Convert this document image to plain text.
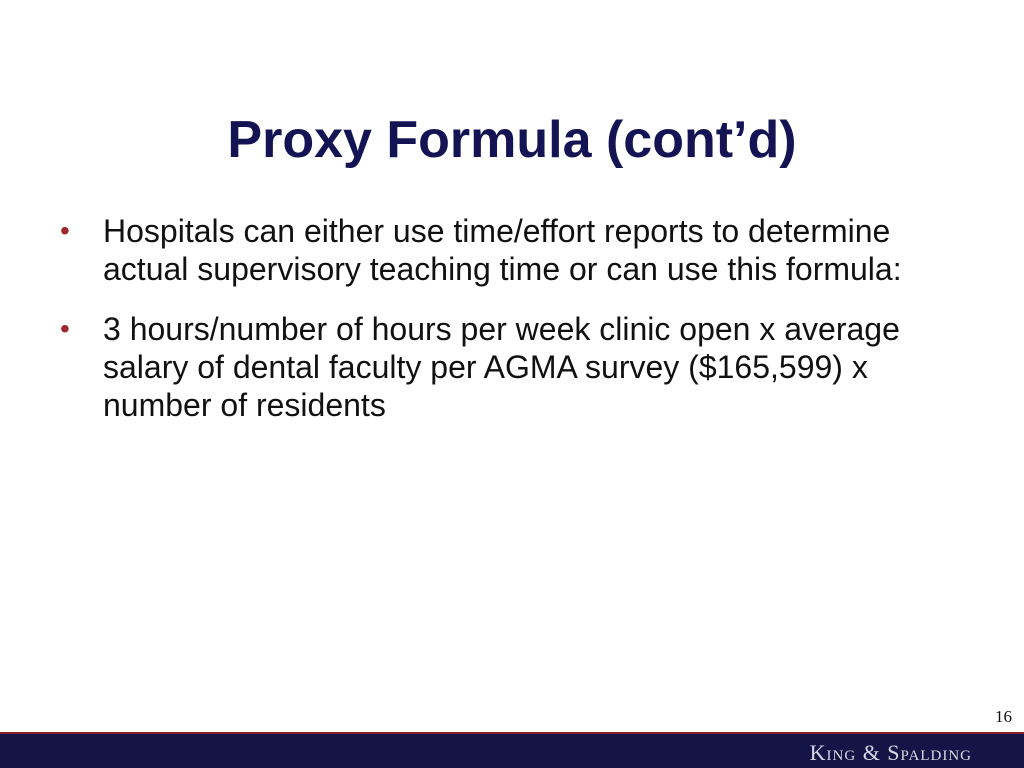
Proxy Formula (cont’d)
• Hospitals can either use time/effort reports to determine actual supervisory teaching time or can use this formula:
• 3 hours/number of hours per week clinic open x average salary of dental faculty per AGMA survey ($165,599) x number of residents
16
King & Spalding
